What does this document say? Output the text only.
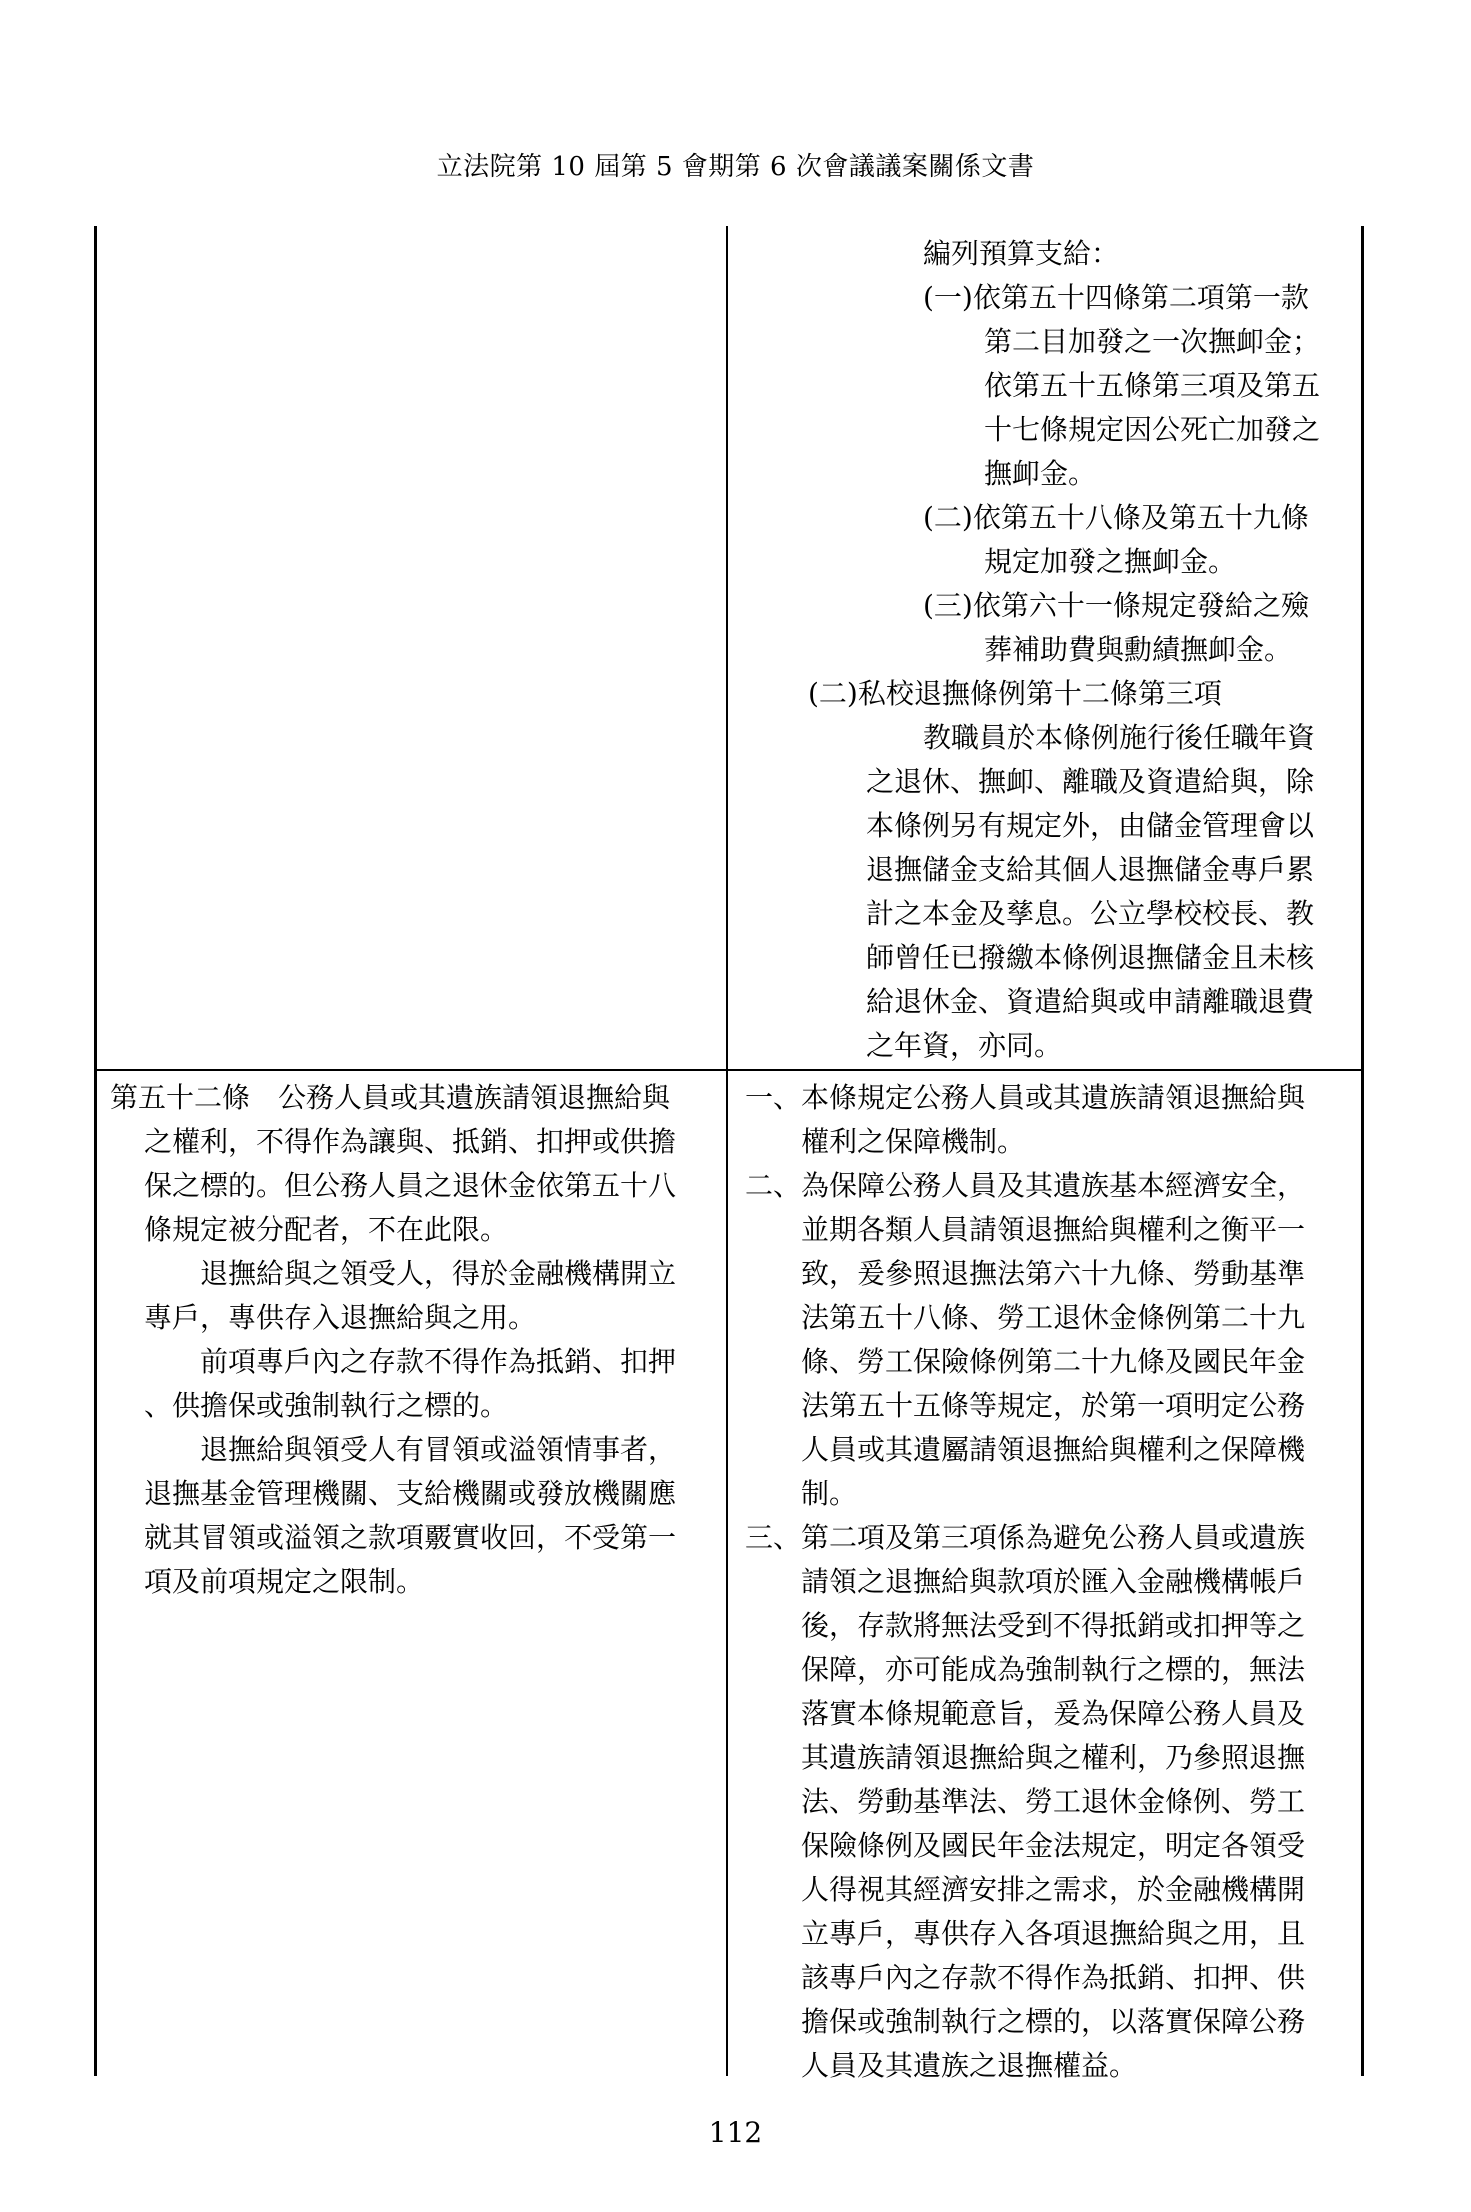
立法院第 10 屆第 5 會期第 6 次會議議案關係文書

編列預算支給：

(一)依第五十四條第二項第一款

第二目加發之一次撫卹金；

依第五十五條第三項及第五

十七條規定因公死亡加發之

撫卹金。

(二)依第五十八條及第五十九條

規定加發之撫卹金。

(三)依第六十一條規定發給之殮

葬補助費與勳績撫卹金。

(二)私校退撫條例第十二條第三項

教職員於本條例施行後任職年資

之退休、撫卹、離職及資遣給與，除

本條例另有規定外，由儲金管理會以

退撫儲金支給其個人退撫儲金專戶累

計之本金及孳息。公立學校校長、教

師曾任已撥繳本條例退撫儲金且未核

給退休金、資遣給與或申請離職退費

之年資，亦同。

第五十二條　公務人員或其遺族請領退撫給與

之權利，不得作為讓與、抵銷、扣押或供擔

保之標的。但公務人員之退休金依第五十八

條規定被分配者，不在此限。

退撫給與之領受人，得於金融機構開立

專戶，專供存入退撫給與之用。

前項專戶內之存款不得作為抵銷、扣押

、供擔保或強制執行之標的。

退撫給與領受人有冒領或溢領情事者，

退撫基金管理機關、支給機關或發放機關應

就其冒領或溢領之款項覈實收回，不受第一

項及前項規定之限制。

一、本條規定公務人員或其遺族請領退撫給與

權利之保障機制。

二、為保障公務人員及其遺族基本經濟安全，

並期各類人員請領退撫給與權利之衡平一

致，爰參照退撫法第六十九條、勞動基準

法第五十八條、勞工退休金條例第二十九

條、勞工保險條例第二十九條及國民年金

法第五十五條等規定，於第一項明定公務

人員或其遺屬請領退撫給與權利之保障機

制。

三、第二項及第三項係為避免公務人員或遺族

請領之退撫給與款項於匯入金融機構帳戶

後，存款將無法受到不得抵銷或扣押等之

保障，亦可能成為強制執行之標的，無法

落實本條規範意旨，爰為保障公務人員及

其遺族請領退撫給與之權利，乃參照退撫

法、勞動基準法、勞工退休金條例、勞工

保險條例及國民年金法規定，明定各領受

人得視其經濟安排之需求，於金融機構開

立專戶，專供存入各項退撫給與之用，且

該專戶內之存款不得作為抵銷、扣押、供

擔保或強制執行之標的，以落實保障公務

人員及其遺族之退撫權益。

112
